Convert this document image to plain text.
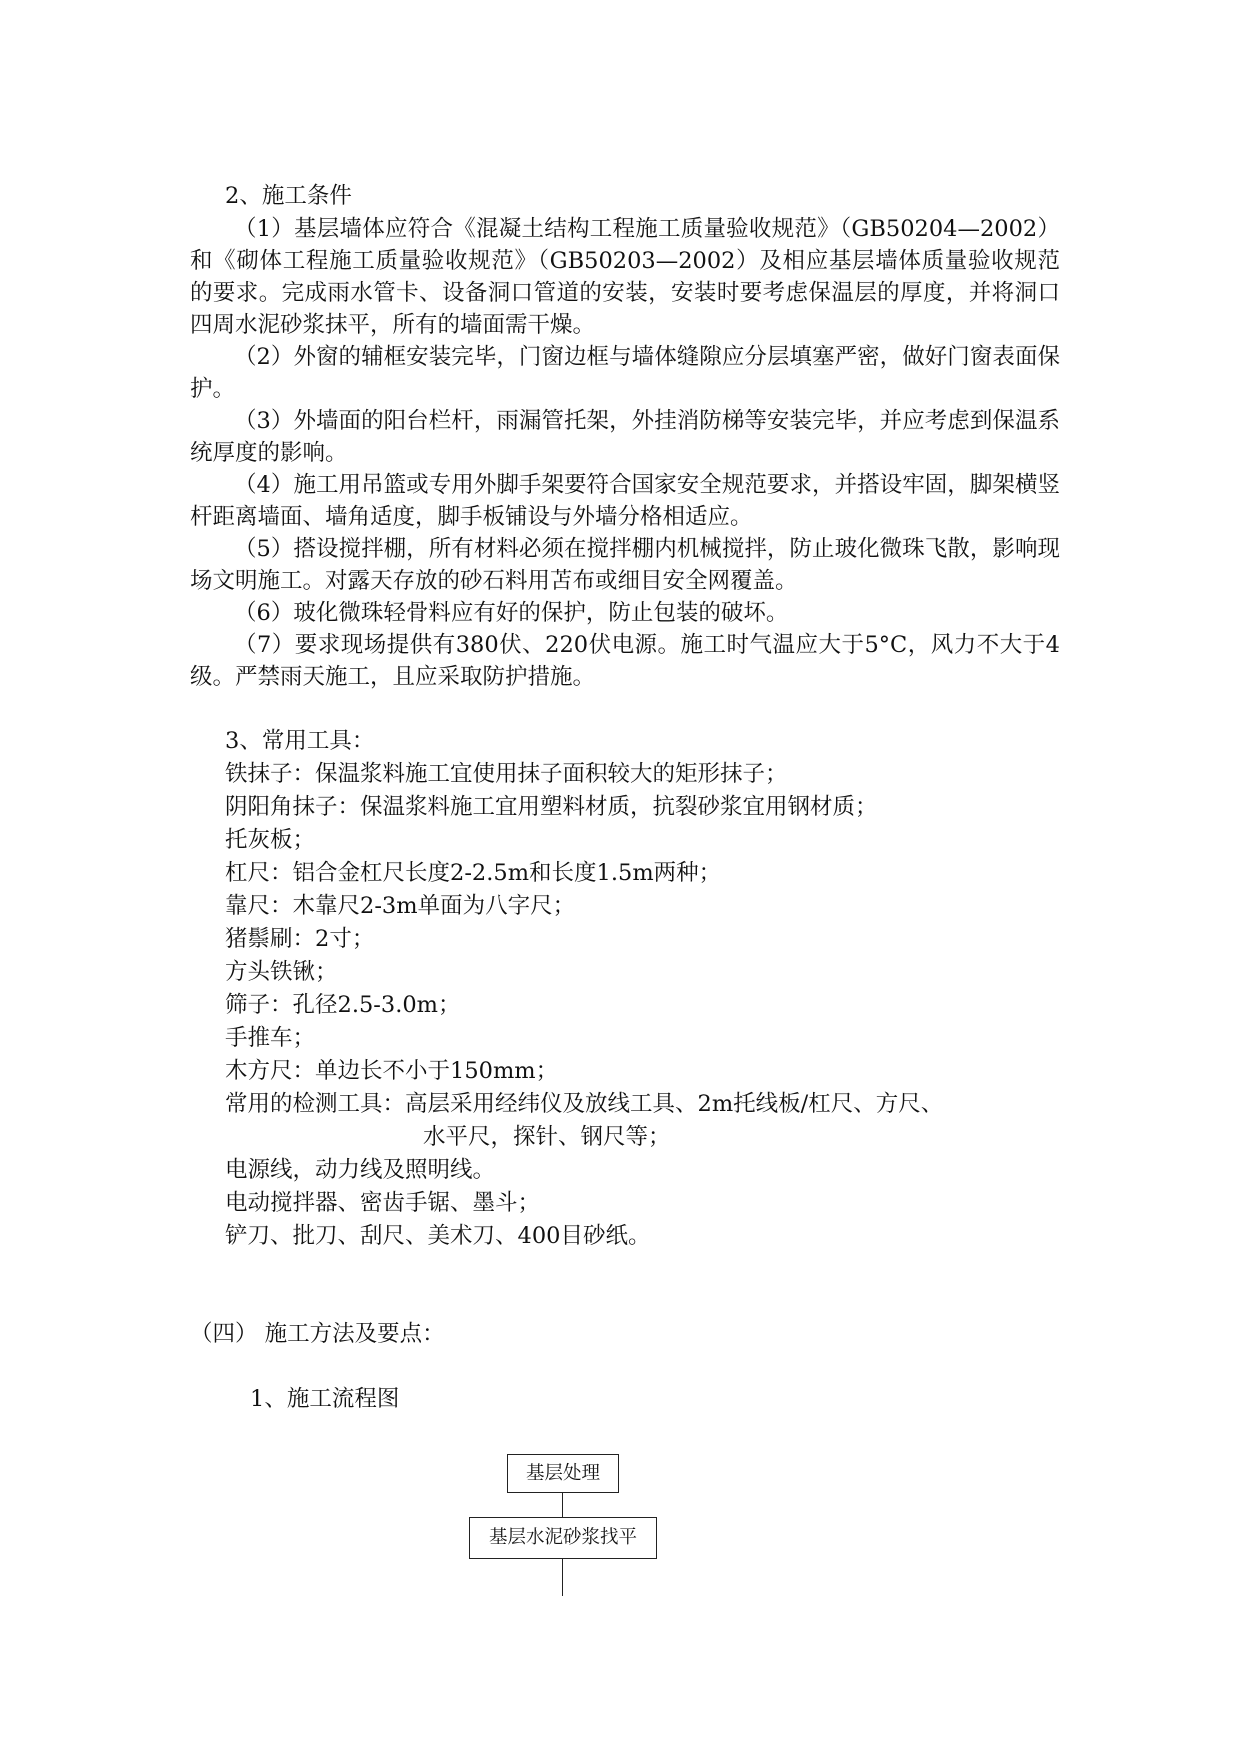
2、施工条件
（1）基层墙体应符合《混凝土结构工程施工质量验收规范》（GB50204—2002）和《砌体工程施工质量验收规范》（GB50203—2002）及相应基层墙体质量验收规范的要求。完成雨水管卡、设备洞口管道的安装，安装时要考虑保温层的厚度，并将洞口四周水泥砂浆抹平，所有的墙面需干燥。
（2）外窗的辅框安装完毕，门窗边框与墙体缝隙应分层填塞严密，做好门窗表面保护。
（3）外墙面的阳台栏杆，雨漏管托架，外挂消防梯等安装完毕，并应考虑到保温系统厚度的影响。
（4）施工用吊篮或专用外脚手架要符合国家安全规范要求，并搭设牢固，脚架横竖杆距离墙面、墙角适度，脚手板铺设与外墙分格相适应。
（5）搭设搅拌棚，所有材料必须在搅拌棚内机械搅拌，防止玻化微珠飞散，影响现场文明施工。对露天存放的砂石料用苫布或细目安全网覆盖。
（6）玻化微珠轻骨料应有好的保护，防止包装的破坏。
（7）要求现场提供有380伏、220伏电源。施工时气温应大于5°C，风力不大于4级。严禁雨天施工，且应采取防护措施。
3、常用工具：
铁抹子：保温浆料施工宜使用抹子面积较大的矩形抹子；
阴阳角抹子：保温浆料施工宜用塑料材质，抗裂砂浆宜用钢材质；
托灰板；
杠尺：铝合金杠尺长度2-2.5m和长度1.5m两种；
靠尺：木靠尺2-3m单面为八字尺；
猪鬃刷：2寸；
方头铁锹；
筛子：孔径2.5-3.0m；
手推车；
木方尺：单边长不小于150mm；
常用的检测工具：高层采用经纬仪及放线工具、2m托线板/杠尺、方尺、
水平尺，探针、钢尺等；
电源线，动力线及照明线。
电动搅拌器、密齿手锯、墨斗；
铲刀、批刀、刮尺、美术刀、400目砂纸。
（四） 施工方法及要点：
1、施工流程图
基层处理
基层水泥砂浆找平
